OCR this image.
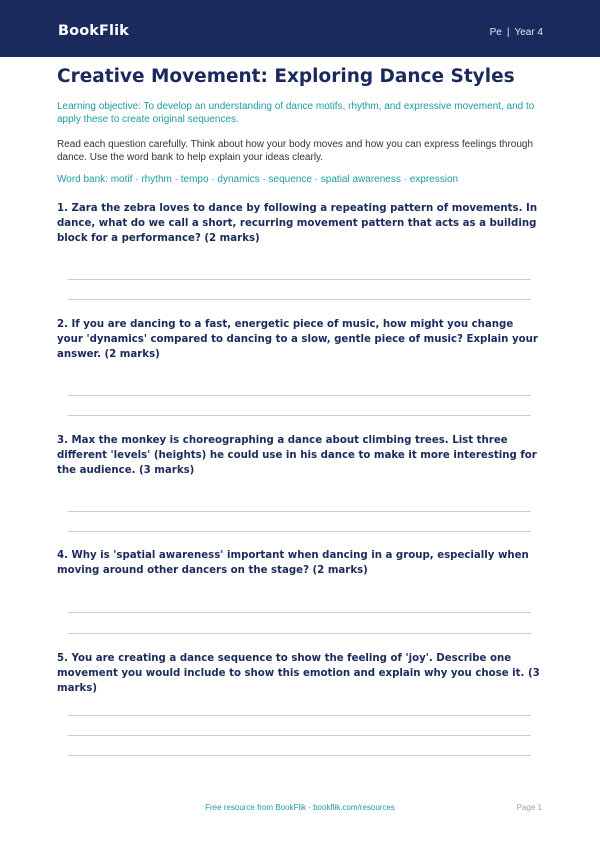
BookFlik	Pe | Year 4
Creative Movement: Exploring Dance Styles
Learning objective: To develop an understanding of dance motifs, rhythm, and expressive movement, and to apply these to create original sequences.
Read each question carefully. Think about how your body moves and how you can express feelings through dance. Use the word bank to help explain your ideas clearly.
Word bank: motif · rhythm · tempo · dynamics · sequence · spatial awareness · expression
1. Zara the zebra loves to dance by following a repeating pattern of movements. In dance, what do we call a short, recurring movement pattern that acts as a building block for a performance? (2 marks)
2. If you are dancing to a fast, energetic piece of music, how might you change your 'dynamics' compared to dancing to a slow, gentle piece of music? Explain your answer. (2 marks)
3. Max the monkey is choreographing a dance about climbing trees. List three different 'levels' (heights) he could use in his dance to make it more interesting for the audience. (3 marks)
4. Why is 'spatial awareness' important when dancing in a group, especially when moving around other dancers on the stage? (2 marks)
5. You are creating a dance sequence to show the feeling of 'joy'. Describe one movement you would include to show this emotion and explain why you chose it. (3 marks)
Free resource from BookFlik · bookflik.com/resources	Page 1
